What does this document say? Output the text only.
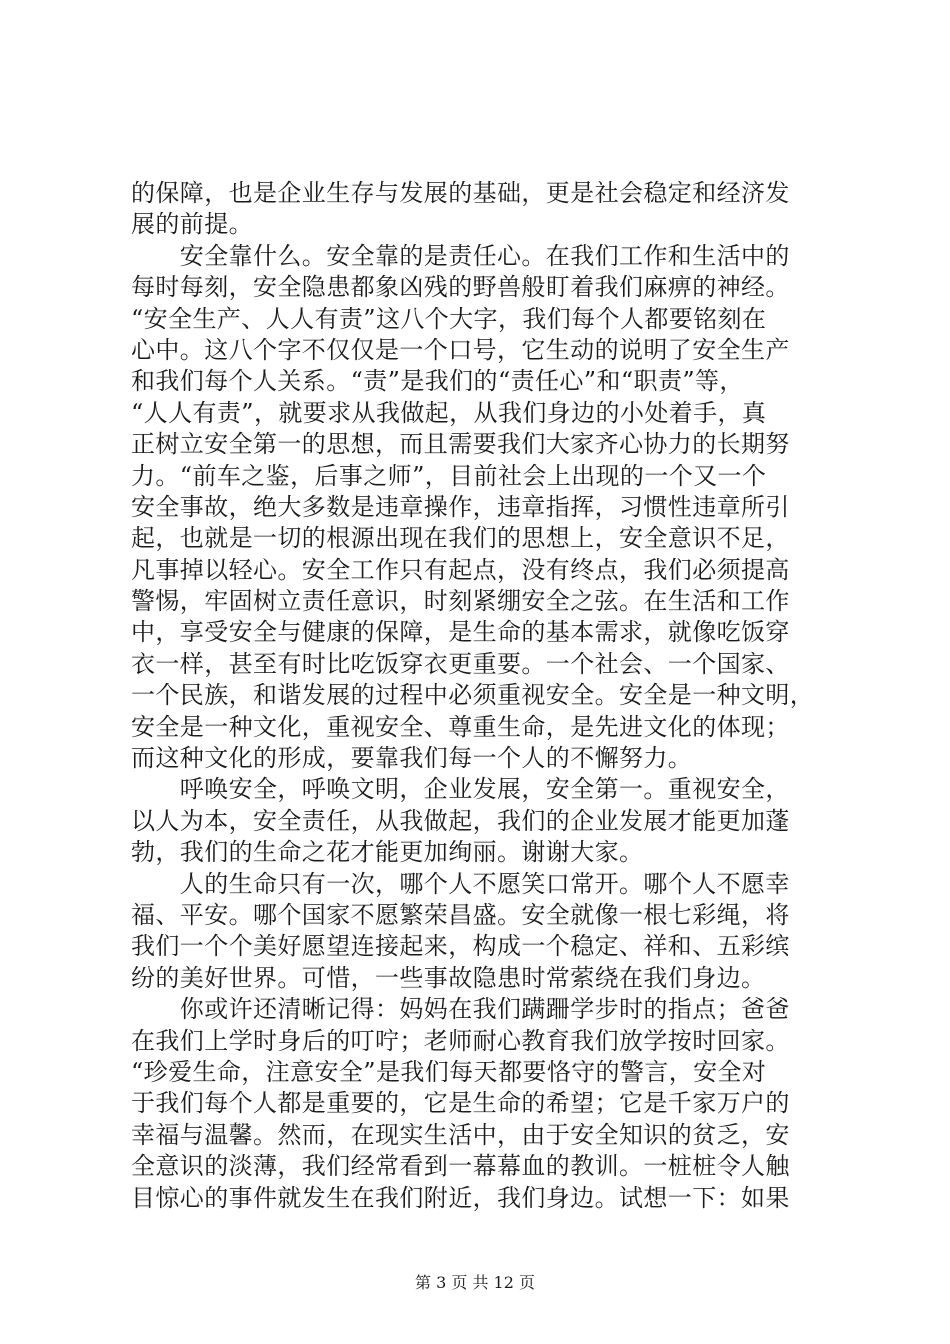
的保障，也是企业生存与发展的基础，更是社会稳定和经济发
展的前提。
　　安全靠什么。安全靠的是责任心。在我们工作和生活中的
每时每刻，安全隐患都象凶残的野兽般盯着我们麻痹的神经。
“安全生产、人人有责”这八个大字，我们每个人都要铭刻在
心中。这八个字不仅仅是一个口号，它生动的说明了安全生产
和我们每个人关系。“责”是我们的“责任心”和“职责”等，
“人人有责”，就要求从我做起，从我们身边的小处着手，真
正树立安全第一的思想，而且需要我们大家齐心协力的长期努
力。“前车之鉴，后事之师”，目前社会上出现的一个又一个
安全事故，绝大多数是违章操作，违章指挥，习惯性违章所引
起，也就是一切的根源出现在我们的思想上，安全意识不足，
凡事掉以轻心。安全工作只有起点，没有终点，我们必须提高
警惕，牢固树立责任意识，时刻紧绷安全之弦。在生活和工作
中，享受安全与健康的保障，是生命的基本需求，就像吃饭穿
衣一样，甚至有时比吃饭穿衣更重要。一个社会、一个国家、
一个民族，和谐发展的过程中必须重视安全。安全是一种文明，
安全是一种文化，重视安全、尊重生命，是先进文化的体现；
而这种文化的形成，要靠我们每一个人的不懈努力。
　　呼唤安全，呼唤文明，企业发展，安全第一。重视安全，
以人为本，安全责任，从我做起，我们的企业发展才能更加蓬
勃，我们的生命之花才能更加绚丽。谢谢大家。
　　人的生命只有一次，哪个人不愿笑口常开。哪个人不愿幸
福、平安。哪个国家不愿繁荣昌盛。安全就像一根七彩绳，将
我们一个个美好愿望连接起来，构成一个稳定、祥和、五彩缤
纷的美好世界。可惜，一些事故隐患时常萦绕在我们身边。
　　你或许还清晰记得：妈妈在我们蹒跚学步时的指点；爸爸
在我们上学时身后的叮咛；老师耐心教育我们放学按时回家。
“珍爱生命，注意安全”是我们每天都要恪守的警言，安全对
于我们每个人都是重要的，它是生命的希望；它是千家万户的
幸福与温馨。然而，在现实生活中，由于安全知识的贫乏，安
全意识的淡薄，我们经常看到一幕幕血的教训。一桩桩令人触
目惊心的事件就发生在我们附近，我们身边。试想一下：如果
第 3 页 共 12 页
